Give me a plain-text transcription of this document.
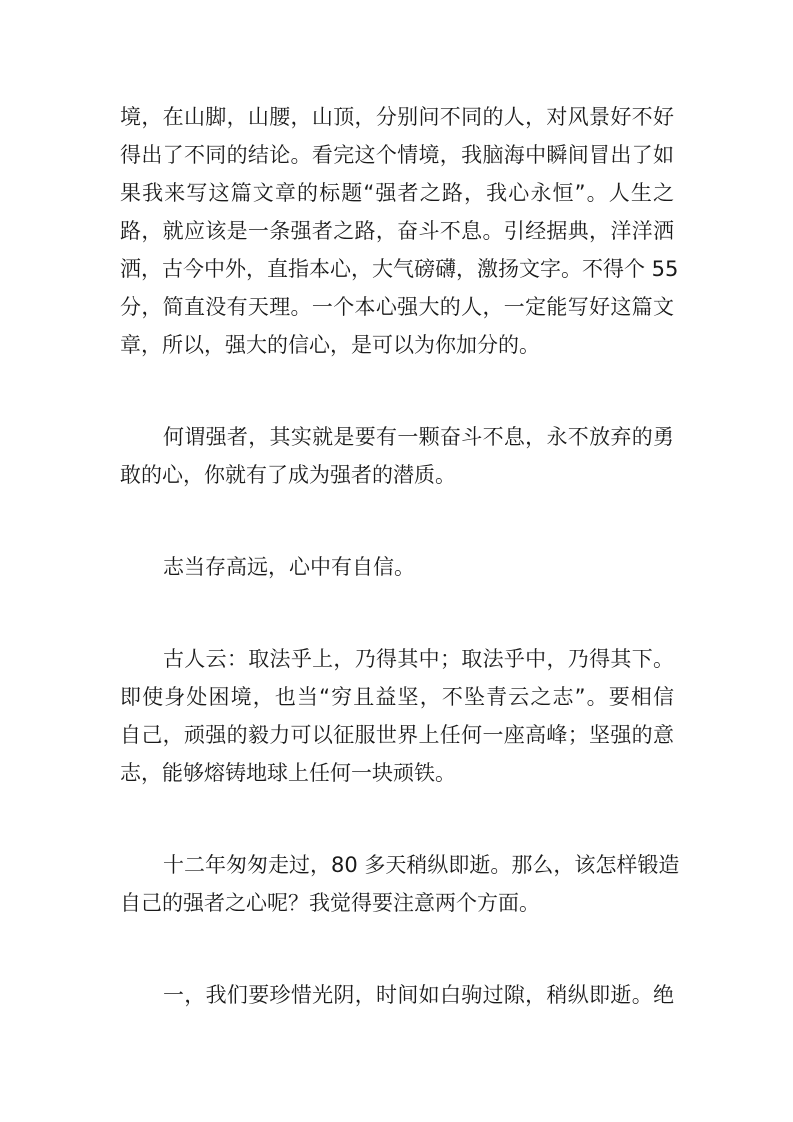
境，在山脚，山腰，山顶，分别问不同的人，对风景好不好
得出了不同的结论。看完这个情境，我脑海中瞬间冒出了如
果我来写这篇文章的标题“强者之路，我心永恒”。人生之
路，就应该是一条强者之路，奋斗不息。引经据典，洋洋洒
洒，古今中外，直指本心，大气磅礴，激扬文字。不得个 55
分，简直没有天理。一个本心强大的人，一定能写好这篇文
章，所以，强大的信心，是可以为你加分的。
何谓强者，其实就是要有一颗奋斗不息，永不放弃的勇
敢的心，你就有了成为强者的潜质。
志当存高远，心中有自信。
古人云：取法乎上，乃得其中；取法乎中，乃得其下。
即使身处困境，也当“穷且益坚，不坠青云之志”。要相信
自己，顽强的毅力可以征服世界上任何一座高峰；坚强的意
志，能够熔铸地球上任何一块顽铁。
十二年匆匆走过，80 多天稍纵即逝。那么，该怎样锻造
自己的强者之心呢？我觉得要注意两个方面。
一，我们要珍惜光阴，时间如白驹过隙，稍纵即逝。绝
